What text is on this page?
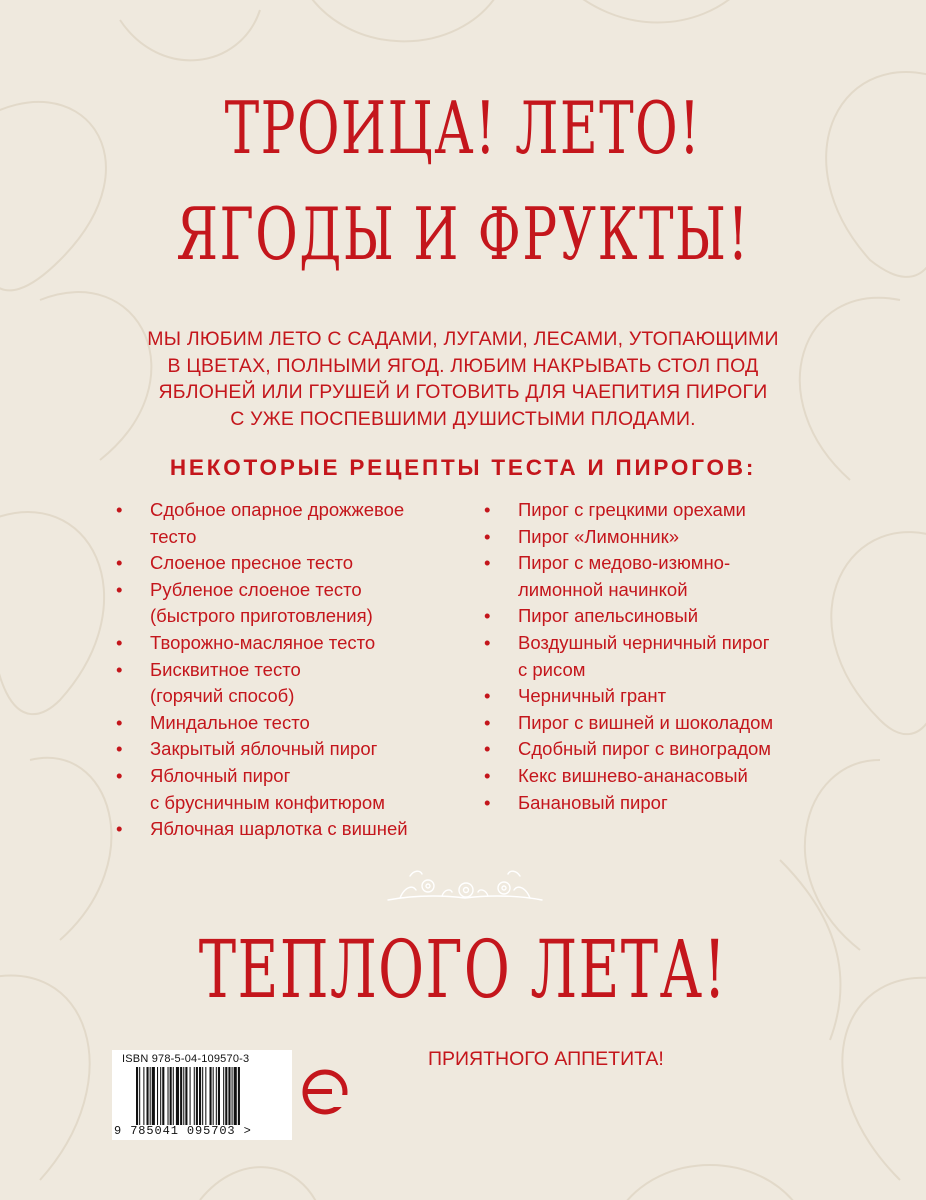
ТРОИЦА! ЛЕТО!
ЯГОДЫ И ФРУКТЫ!
МЫ ЛЮБИМ ЛЕТО С САДАМИ, ЛУГАМИ, ЛЕСАМИ, УТОПАЮЩИМИ
В ЦВЕТАХ, ПОЛНЫМИ ЯГОД. ЛЮБИМ НАКРЫВАТЬ СТОЛ ПОД
ЯБЛОНЕЙ ИЛИ ГРУШЕЙ И ГОТОВИТЬ ДЛЯ ЧАЕПИТИЯ ПИРОГИ
С УЖЕ ПОСПЕВШИМИ ДУШИСТЫМИ ПЛОДАМИ.
НЕКОТОРЫЕ РЕЦЕПТЫ ТЕСТА И ПИРОГОВ:
• Сдобное опарное дрожжевое
тесто
• Слоеное пресное тесто
• Рубленое слоеное тесто
(быстрого приготовления)
• Творожно-масляное тесто
• Бисквитное тесто
(горячий способ)
• Миндальное тесто
• Закрытый яблочный пирог
• Яблочный пирог
с брусничным конфитюром
• Яблочная шарлотка с вишней
• Пирог с грецкими орехами
• Пирог «Лимонник»
• Пирог с медово-изюмно-
лимонной начинкой
• Пирог апельсиновый
• Воздушный черничный пирог
с рисом
• Черничный грант
• Пирог с вишней и шоколадом
• Сдобный пирог с виноградом
• Кекс вишнево-ананасовый
• Банановый пирог
ТЕПЛОГО ЛЕТА!
ПРИЯТНОГО АППЕТИТА!
ISBN 978-5-04-109570-3
9 785041 095703 >
